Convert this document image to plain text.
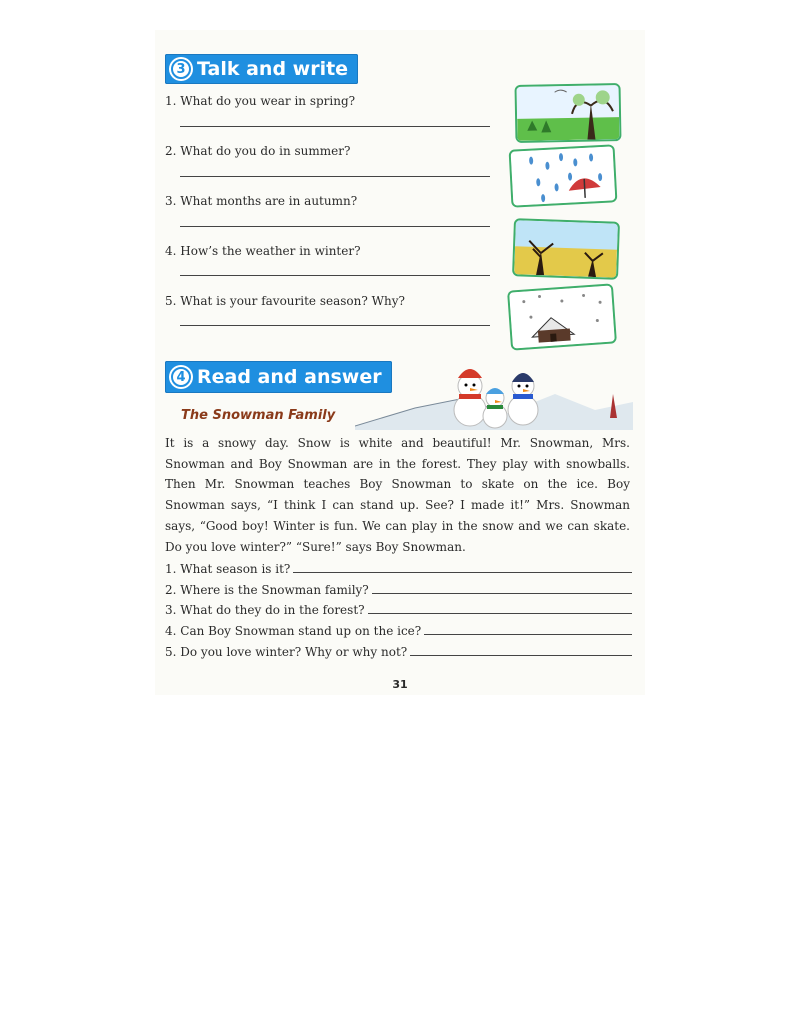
3 Talk and write
1. What do you wear in spring?
2. What do you do in summer?
3. What months are in autumn?
4. How’s the weather in winter?
5. What is your favourite season? Why?
4 Read and answer
The Snowman Family
It is a snowy day. Snow is white and beautiful! Mr. Snowman, Mrs. Snowman and Boy Snowman are in the forest. They play with snowballs. Then Mr. Snowman teaches Boy Snowman to skate on the ice. Boy Snowman says, “I think I can stand up. See? I made it!” Mrs. Snowman says, “Good boy! Winter is fun. We can play in the snow and we can skate. Do you love winter?” “Sure!” says Boy Snowman.
1. What season is it?
2. Where is the Snowman family?
3. What do they do in the forest?
4. Can Boy Snowman stand up on the ice?
5. Do you love winter? Why or why not?
31
